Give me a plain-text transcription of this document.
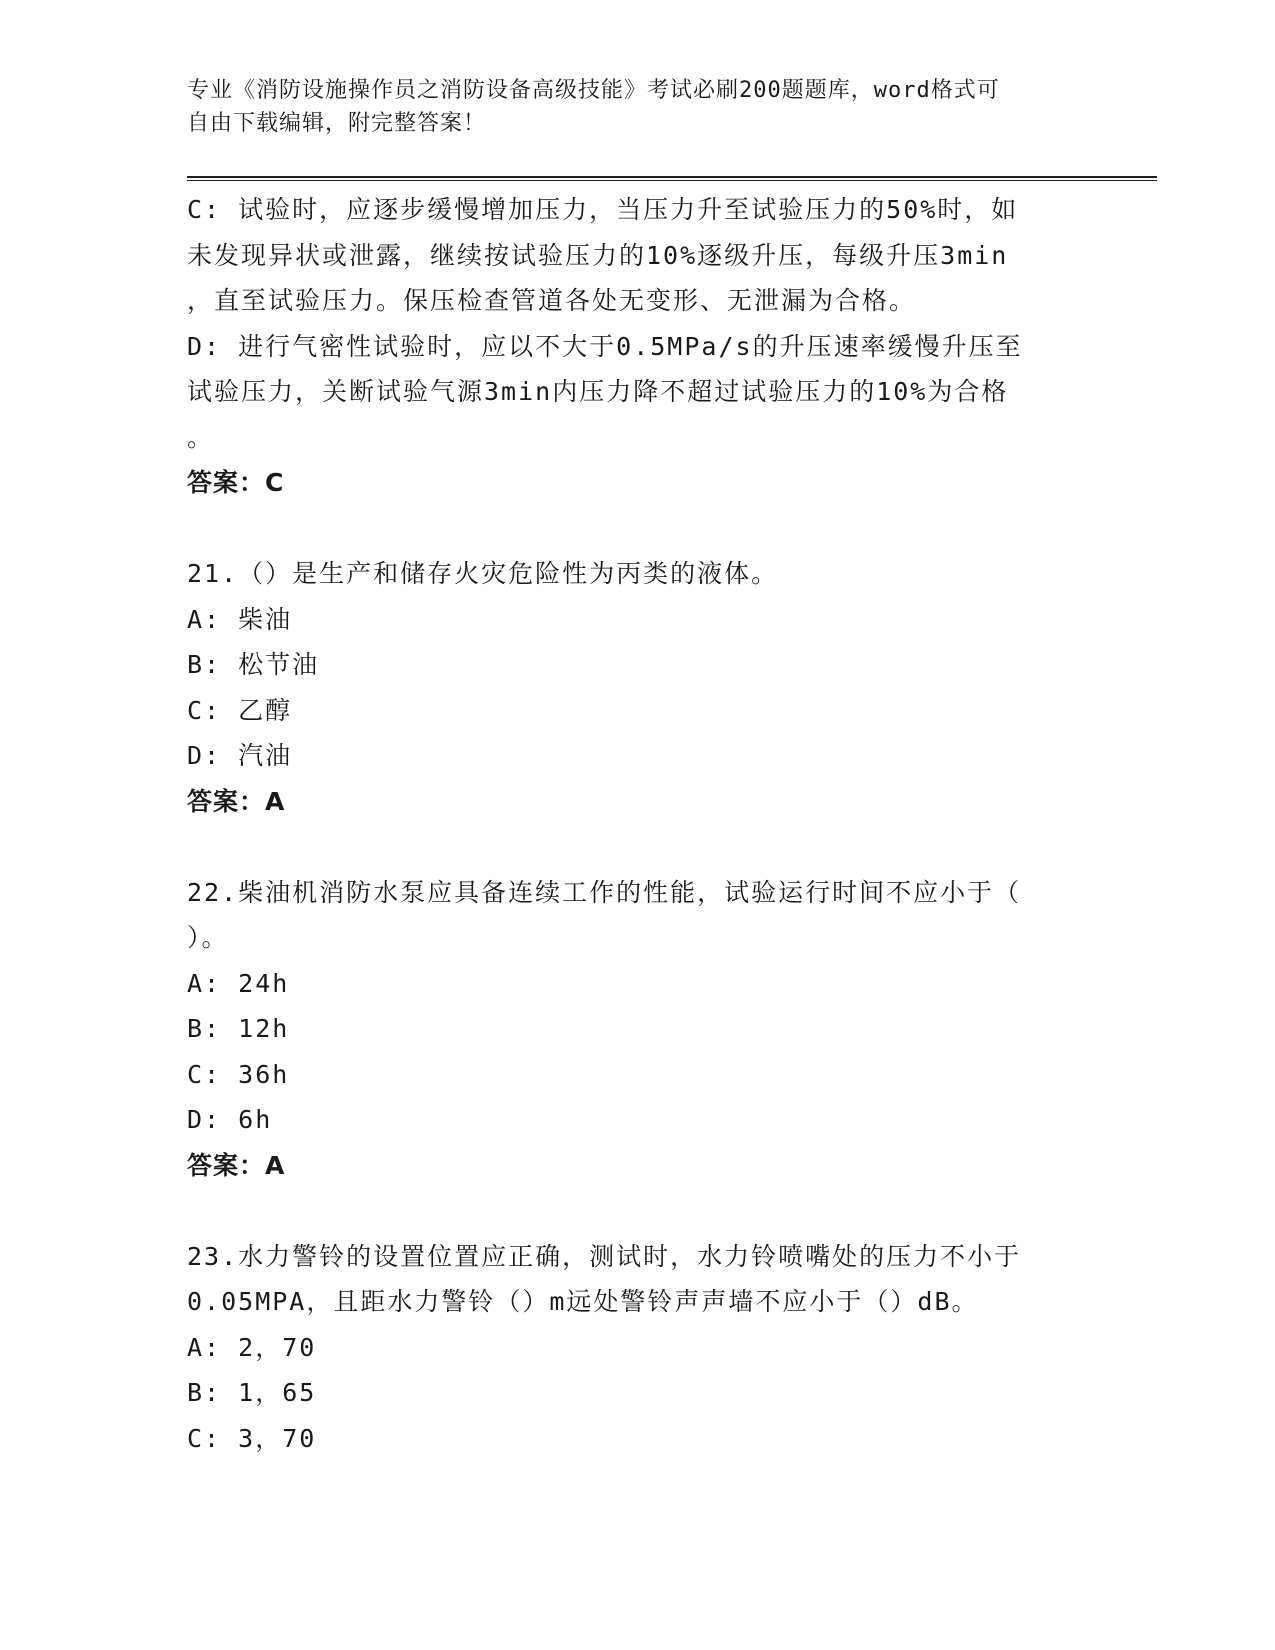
专业《消防设施操作员之消防设备高级技能》考试必刷200题题库，word格式可
自由下载编辑，附完整答案！
C: 试验时，应逐步缓慢增加压力，当压力升至试验压力的50%时，如
未发现异状或泄露，继续按试验压力的10%逐级升压，每级升压3min
，直至试验压力。保压检查管道各处无变形、无泄漏为合格。
D: 进行气密性试验时，应以不大于0.5MPa/s的升压速率缓慢升压至
试验压力，关断试验气源3min内压力降不超过试验压力的10%为合格
。
答案：C
21.（）是生产和储存火灾危险性为丙类的液体。
A: 柴油
B: 松节油
C: 乙醇
D: 汽油
答案：A
22.柴油机消防水泵应具备连续工作的性能，试验运行时间不应小于（
）。
A: 24h
B: 12h
C: 36h
D: 6h
答案：A
23.水力警铃的设置位置应正确，测试时，水力铃喷嘴处的压力不小于
0.05MPA，且距水力警铃（）m远处警铃声声墙不应小于（）dB。
A: 2，70
B: 1，65
C: 3，70
